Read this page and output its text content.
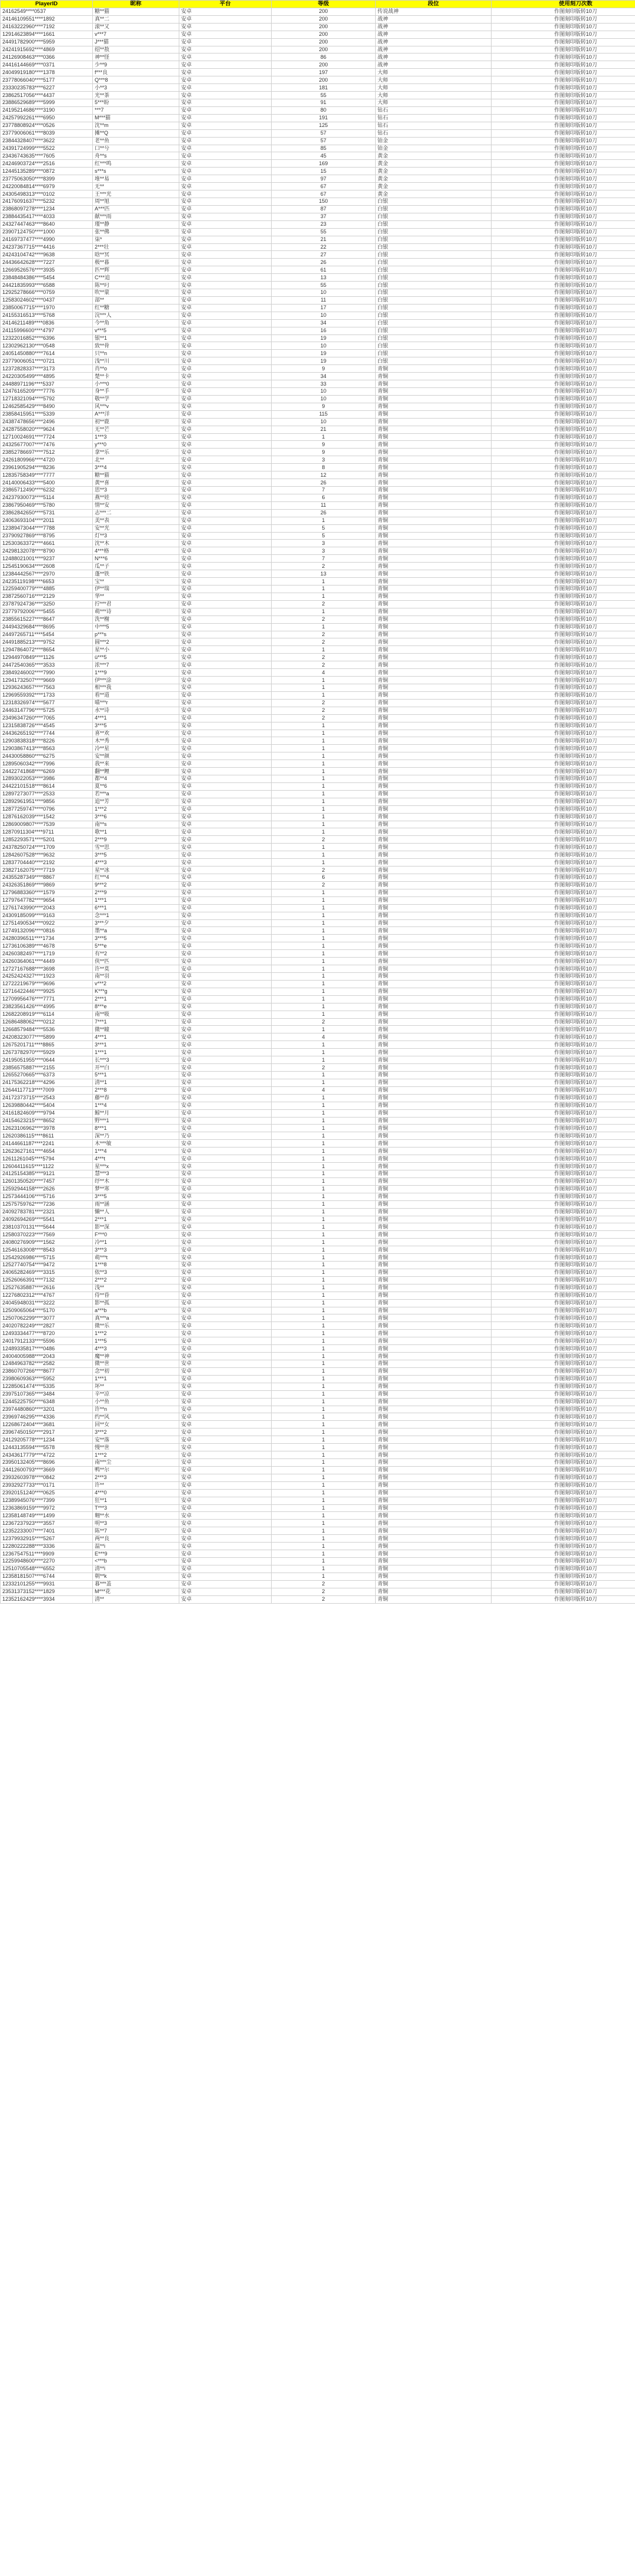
PlayerID	昵称	平台	等级	段位	使用刻刀次数
24162549****0537	糖**猫	安卓	200	传说战神	作图刻印版转10刀
24146109551****1892	真**二	安卓	200	战神	作图刻印版转10刀
24163222960****7192	滚**又	安卓	200	战神	作图刻印版转10刀
12914623894****1661	v***7	安卓	200	战神	作图刻印版转10刀
24491782900****5959	J***猫	安卓	200	战神	作图刻印版转10刀
24241915692****4869	绍**敖	安卓	200	战神	作图刻印版转10刀
24126908463****0366	神**怪	安卓	86	战神	作图刻印版转10刀
24416144669****0371	少**9	安卓	200	战神	作图刻印版转10刀
24049919180****1378	f***良	安卓	197	大师	作图刻印版转10刀
23778066040****5177	Q***8	安卓	200	大师	作图刻印版转10刀
23330235783****6227	小**3	安卓	181	大师	作图刻印版转10刀
23862517056****4437	光**茶	安卓	55	大师	作图刻印版转10刀
23886529689****5999	5***盼	安卓	91	大师	作图刻印版转10刀
24195214686****3190	***7	安卓	80	钻石	作图刻印版转10刀
24257992261****6950	M***猫	安卓	191	钻石	作图刻印版转10刀
23778808924****0526	沈**m	安卓	125	钻石	作图刻印版转10刀
23779006061****8039	摊**Q	安卓	57	钻石	作图刻印版转10刀
23844328407****3622	老**鱼	安卓	57	铂金	作图刻印版转10刀
24391724999****5522	口**兮	安卓	85	铂金	作图刻印版转10刀
23436743635****7605	舟**s	安卓	45	黄金	作图刻印版转10刀
24246903724****2516	红***鸣	安卓	169	黄金	作图刻印版转10刀
12445135289****0872	s***s	安卓	15	黄金	作图刻印版转10刀
23775063050****8399	堆**易	安卓	97	黄金	作图刻印版转10刀
24220084814****6979	无**	安卓	67	黄金	作图刻印版转10刀
24305498313****0102	王***光	安卓	67	黄金	作图刻印版转10刀
24176091637****5232	周**旭	安卓	150	白银	作图刻印版转10刀
23868097278****1234	A***匹	安卓	87	白银	作图刻印版转10刀
23884435417****4033	献***雨	安卓	37	白银	作图刻印版转10刀
24327447463****8640	瑾**静	安卓	23	白银	作图刻印版转10刀
23907124750****1000	张**佛	安卓	55	白银	作图刻印版转10刀
24169737477****4990	柒*	安卓	21	白银	作图刻印版转10刀
24237367715****4416	2***壮	安卓	22	白银	作图刻印版转10刀
24243104742****9638	晗**冥	安卓	27	白银	作图刻印版转10刀
24436642628****7227	极**暮	安卓	26	白银	作图刻印版转10刀
12669526576****3935	匹**辉	安卓	61	白银	作图刻印版转10刀
23848484386****5454	C***追	安卓	13	白银	作图刻印版转10刀
24421835993****6588	陈**叼	安卓	55	白银	作图刻印版转10刀
12925278666****0759	吹**蒙	安卓	10	白银	作图刻印版转10刀
12583024602****0437	部**	安卓	11	白银	作图刻印版转10刀
23850067715****1970	红**糖	安卓	17	白银	作图刻印版转10刀
24155316513****5768	浣***人	安卓	10	白银	作图刻印版转10刀
24146211489****0836	今**角	安卓	34	白银	作图刻印版转10刀
24115996600****4797	v***5	安卓	16	白银	作图刻印版转10刀
12322016852****6396	银**1	安卓	19	白银	作图刻印版转10刀
12302962130****0548	致**骨	安卓	10	白银	作图刻印版转10刀
24051450880****7614	只**n	安卓	19	白银	作图刻印版转10刀
23779006051****0721	浅**川	安卓	19	白银	作图刻印版转10刀
12372828337****3173	肖**o	安卓	9	青铜	作图刻印版转10刀
24220305499****4895	楚**卡	安卓	34	青铜	作图刻印版转10刀
24488971196****5337	小***0	安卓	33	青铜	作图刻印版转10刀
12476165209****7776	身**手	安卓	10	青铜	作图刻印版转10刀
12718321094****5792	敬**学	安卓	10	青铜	作图刻印版转10刀
12462585429****8490	风***v	安卓	9	青铜	作图刻印版转10刀
23858415951****5339	A***洋	安卓	115	青铜	作图刻印版转10刀
24387478656****2496	初**鹿	安卓	10	青铜	作图刻印版转10刀
24287558020****9624	无**芒	安卓	21	青铜	作图刻印版转10刀
12710024691****7724	1***3	安卓	1	青铜	作图刻印版转10刀
24325677007****7476	y***0	安卓	9	青铜	作图刻印版转10刀
23852786697****7512	拿**乐	安卓	9	青铜	作图刻印版转10刀
24261809966****4720	北**	安卓	3	青铜	作图刻印版转10刀
23961905294****8236	3***4	安卓	8	青铜	作图刻印版转10刀
12835758349****7777	糖**猫	安卓	12	青铜	作图刻印版转10刀
24140006433****5400	黄**喜	安卓	26	青铜	作图刻印版转10刀
23865712490****6232	思**3	安卓	7	青铜	作图刻印版转10刀
24237930073****5114	燕**娃	安卓	6	青铜	作图刻印版转10刀
23867950469****5780	情**安	安卓	11	青铜	作图刻印版转10刀
23862842650****5731	志***二	安卓	26	青铜	作图刻印版转10刀
24063693104****2011	美**表	安卓	1	青铜	作图刻印版转10刀
12389473044****7788	安**光	安卓	5	青铜	作图刻印版转10刀
23790927869****8795	灯**3	安卓	5	青铜	作图刻印版转10刀
12530363372****4661	沈**木	安卓	3	青铜	作图刻印版转10刀
24298132078****8790	4***格	安卓	3	青铜	作图刻印版转10刀
12488021001****9237	N***6	安卓	7	青铜	作图刻印版转10刀
12545190634****2608	瓜**子	安卓	2	青铜	作图刻印版转10刀
12384442567****2970	蓬**铁	安卓	13	青铜	作图刻印版转10刀
24235119198****6653	宝**	安卓	1	青铜	作图刻印版转10刀
12259400779****4885	伊**瑞	安卓	1	青铜	作图刻印版转10刀
23872560716****2129	华**	安卓	1	青铜	作图刻印版转10刀
23787924736****3250	拧***君	安卓	2	青铜	作图刻印版转10刀
23779792006****5455	萌***诗	安卓	1	青铜	作图刻印版转10刀
23855615227****8647	洗**榭	安卓	2	青铜	作图刻印版转10刀
24494329684****8695	中***5	安卓	1	青铜	作图刻印版转10刀
24497265711****5454	p***s	安卓	2	青铜	作图刻印版转10刀
24491885213****9752	圆***2	安卓	2	青铜	作图刻印版转10刀
12947864072****8654	星**小	安卓	1	青铜	作图刻印版转10刀
12944970849****1126	ü***5	安卓	2	青铜	作图刻印版转10刀
24472540365****3533	浓***7	安卓	2	青铜	作图刻印版转10刀
23849246002****7990	1***9	安卓	4	青铜	作图刻印版转10刀
12941732507****9669	伊***涂	安卓	1	青铜	作图刻印版转10刀
12936243657****7563	相***我	安卓	1	青铜	作图刻印版转10刀
12969559392****1733	看**道	安卓	1	青铜	作图刻印版转10刀
12318326974****5677	喵***r	安卓	2	青铜	作图刻印版转10刀
24463147796****5725	水**诗	安卓	2	青铜	作图刻印版转10刀
23496347260****7065	4***1	安卓	2	青铜	作图刻印版转10刀
12315838726****4545	3***5	安卓	1	青铜	作图刻印版转10刀
24436265192****7744	喜**欢	安卓	1	青铜	作图刻印版转10刀
12903838318****8226	木**秀	安卓	1	青铜	作图刻印版转10刀
12903867413****8563	冷**星	安卓	1	青铜	作图刻印版转10刀
24430058860****6275	安**颜	安卓	1	青铜	作图刻印版转10刀
12895060342****7996	我**来	安卓	1	青铜	作图刻印版转10刀
24422741868****6269	翻**鲤	安卓	1	青铜	作图刻印版转10刀
12893022053****3986	都**4	安卓	1	青铜	作图刻印版转10刀
24422101518****8614	夏**6	安卓	1	青铜	作图刻印版转10刀
12897273077****2533	若***a	安卓	1	青铜	作图刻印版转10刀
12892961951****9856	追**芳	安卓	1	青铜	作图刻印版转10刀
12877259747****0796	1***2	安卓	1	青铜	作图刻印版转10刀
12876162039****1542	3***6	安卓	1	青铜	作图刻印版转10刀
12869009807****7539	南**s	安卓	1	青铜	作图刻印版转10刀
12870911304****9711	歌**1	安卓	1	青铜	作图刻印版转10刀
12852293571****5201	2***9	安卓	2	青铜	作图刻印版转10刀
24378250724****1709	雪**思	安卓	1	青铜	作图刻印版转10刀
12842607528****9632	3***5	安卓	1	青铜	作图刻印版转10刀
12837704440****2192	4***3	安卓	1	青铜	作图刻印版转10刀
23827162075****7719	星**冰	安卓	2	青铜	作图刻印版转10刀
24355287349****8867	红***4	安卓	6	青铜	作图刻印版转10刀
24326351869****9869	9***2	安卓	2	青铜	作图刻印版转10刀
12796883360****1579	2***9	安卓	1	青铜	作图刻印版转10刀
12797647782****9654	1***1	安卓	1	青铜	作图刻印版转10刀
12761743990****2043	6***1	安卓	1	青铜	作图刻印版转10刀
24309185099****9163	念***1	安卓	1	青铜	作图刻印版转10刀
12751490534****0922	3***夕	安卓	1	青铜	作图刻印版转10刀
12749132096****0816	墨**a	安卓	1	青铜	作图刻印版转10刀
24280396511****1734	3***5	安卓	1	青铜	作图刻印版转10刀
12736106389****4678	5***e	安卓	1	青铜	作图刻印版转10刀
24260382497****1719	有**2	安卓	1	青铜	作图刻印版转10刀
24260364061****4449	侠**匹	安卓	1	青铜	作图刻印版转10刀
12727167688****3698	许**莫	安卓	1	青铜	作图刻印版转10刀
24252424327****1923	南**羽	安卓	1	青铜	作图刻印版转10刀
12722219679****9696	v***2	安卓	1	青铜	作图刻印版转10刀
12716422446****9925	K***g	安卓	1	青铜	作图刻印版转10刀
12709956476****7771	2***1	安卓	1	青铜	作图刻印版转10刀
23823561426****4995	8***e	安卓	1	青铜	作图刻印版转10刀
12682208919****6114	南**吸	安卓	1	青铜	作图刻印版转10刀
12686488062****0212	7***1	安卓	2	青铜	作图刻印版转10刀
12668579484****5536	微**瞳	安卓	1	青铜	作图刻印版转10刀
24208323077****5899	4***1	安卓	4	青铜	作图刻印版转10刀
12675201711****8865	3***1	安卓	1	青铜	作图刻印版转10刀
12673782970****5929	1***1	安卓	1	青铜	作图刻印版转10刀
24195051955****0644	长***3	安卓	1	青铜	作图刻印版转10刀
23856575887****2155	开**白	安卓	2	青铜	作图刻印版转10刀
12655270665****6373	5***1	安卓	1	青铜	作图刻印版转10刀
24175362218****4296	清**1	安卓	1	青铜	作图刻印版转10刀
12644117713****7009	2***8	安卓	4	青铜	作图刻印版转10刀
24172373715****2543	藤**春	安卓	1	青铜	作图刻印版转10刀
12639880442****5404	1***4	安卓	1	青铜	作图刻印版转10刀
24161824609****9794	鲸**月	安卓	1	青铜	作图刻印版转10刀
24154623215****8652	野***1	安卓	1	青铜	作图刻印版转10刀
12623106962****3978	8***1	安卓	1	青铜	作图刻印版转10刀
12620386115****8611	深**乃	安卓	1	青铜	作图刻印版转10刀
24144661187****2241	木***敏	安卓	1	青铜	作图刻印版转10刀
12623627161****4654	1***4	安卓	1	青铜	作图刻印版转10刀
12611261045****5794	4***t	安卓	1	青铜	作图刻印版转10刀
12604411615****1122	星***x	安卓	1	青铜	作图刻印版转10刀
24125154385****9121	慧***3	安卓	1	青铜	作图刻印版转10刀
12601350520****7457	纾**木	安卓	1	青铜	作图刻印版转10刀
12592944158****2626	梦**寒	安卓	1	青铜	作图刻印版转10刀
12573444106****5716	3***5	安卓	1	青铜	作图刻印版转10刀
12575759762****7236	雨**涵	安卓	1	青铜	作图刻印版转10刀
24092783781****2321	懒**人	安卓	1	青铜	作图刻印版转10刀
24092694269****5541	2***1	安卓	1	青铜	作图刻印版转10刀
23810370131****5644	影**深	安卓	1	青铜	作图刻印版转10刀
12580370223****7569	F***0	安卓	1	青铜	作图刻印版转10刀
24080276909****1562	冷**1	安卓	1	青铜	作图刻印版转10刀
12546163008****8543	3***3	安卓	1	青铜	作图刻印版转10刀
12542926986****5715	萌***t	安卓	1	青铜	作图刻印版转10刀
12527740754****9472	1***8	安卓	1	青铜	作图刻印版转10刀
24065282469****3315	依**3	安卓	1	青铜	作图刻印版转10刀
12526066391****7132	2***2	安卓	1	青铜	作图刻印版转10刀
12527635887****2616	浅**	安卓	1	青铜	作图刻印版转10刀
12276802312****4767	侍**昏	安卓	1	青铜	作图刻印版转10刀
24045948031****3222	影**孤	安卓	1	青铜	作图刻印版转10刀
12509065064****5170	a***b	安卓	1	青铜	作图刻印版转10刀
12507062299****3077	真***a	安卓	1	青铜	作图刻印版转10刀
24020782249****2827	微**乐	安卓	1	青铜	作图刻印版转10刀
12493334477****8720	1***2	安卓	1	青铜	作图刻印版转10刀
24017912133****5596	1***5	安卓	1	青铜	作图刻印版转10刀
12489335817****0486	4***3	安卓	1	青铜	作图刻印版转10刀
24004005988****2043	魔**神	安卓	1	青铜	作图刻印版转10刀
12484963782****2582	微**世	安卓	1	青铜	作图刻印版转10刀
23860707266****8677	念**初	安卓	1	青铜	作图刻印版转10刀
23980609363****5952	1***1	安卓	1	青铜	作图刻印版转10刀
12285061474****5335	坏**	安卓	1	青铜	作图刻印版转10刀
23975107365****3484	辛**凉	安卓	1	青铜	作图刻印版转10刀
12445225750****6348	小**鱼	安卓	1	青铜	作图刻印版转10刀
23974480860****3201	许**n	安卓	1	青铜	作图刻印版转10刀
23969746295****4336	约**风	安卓	1	青铜	作图刻印版转10刀
12268672404****3681	回**女	安卓	1	青铜	作图刻印版转10刀
23967450150****2917	3***2	安卓	1	青铜	作图刻印版转10刀
24129205778****1234	安**落	安卓	1	青铜	作图刻印版转10刀
12443135594****5578	慢**世	安卓	1	青铜	作图刻印版转10刀
24343617779****4722	1***2	安卓	1	青铜	作图刻印版转10刀
23950132405****8696	南***尘	安卓	1	青铜	作图刻印版转10刀
24412600793****3669	鸭**尔	安卓	1	青铜	作图刻印版转10刀
23932603978****0842	2***3	安卓	1	青铜	作图刻印版转10刀
23932927733****0171	许**	安卓	1	青铜	作图刻印版转10刀
23920151240****0625	4***0	安卓	1	青铜	作图刻印版转10刀
12389945076****7399	狂**1	安卓	1	青铜	作图刻印版转10刀
12363869159****9972	T***3	安卓	1	青铜	作图刻印版转10刀
12358148749****1499	翱**水	安卓	1	青铜	作图刻印版转10刀
12367237923****3557	明**3	安卓	1	青铜	作图刻印版转10刀
12352233007****7401	陈**7	安卓	1	青铜	作图刻印版转10刀
12379932915****5267	两**良	安卓	1	青铜	作图刻印版转10刀
12280222288****3336	温**i	安卓	1	青铜	作图刻印版转10刀
12367547511****9909	E***9	安卓	1	青铜	作图刻印版转10刀
12259948600****2270	<***b	安卓	1	青铜	作图刻印版转10刀
12510705548****6552	清**i	安卓	1	青铜	作图刻印版转10刀
12358181507****6744	朝**k	安卓	1	青铜	作图刻印版转10刀
12332101255****9931	暮***盖	安卓	2	青铜	作图刻印版转10刀
23531373152****1829	M***花	安卓	2	青铜	作图刻印版转10刀
12352162429****3934	清**	安卓	2	青铜	作图刻印版转10刀
